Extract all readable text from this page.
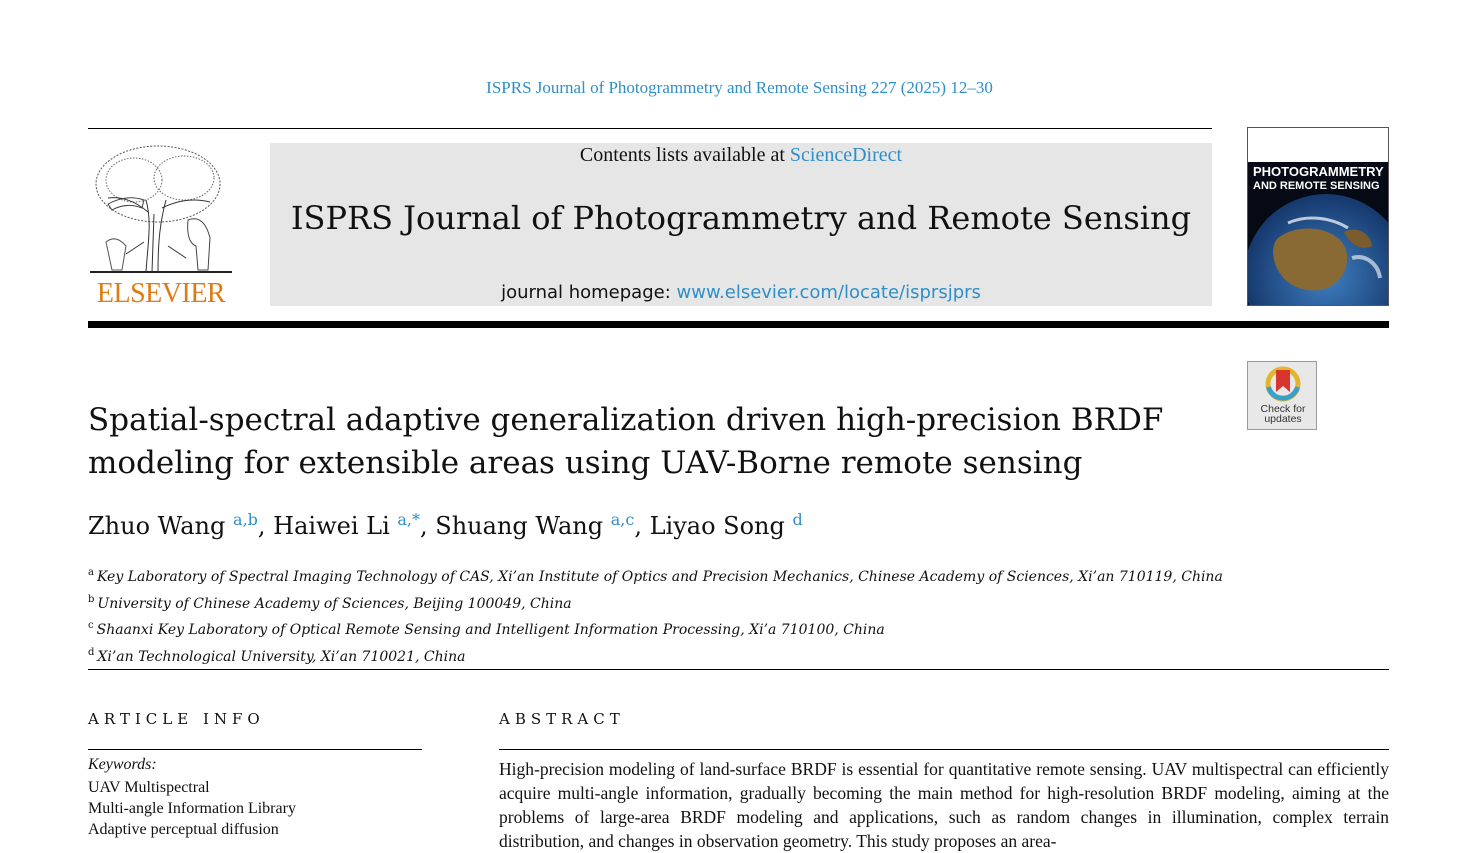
ISPRS Journal of Photogrammetry and Remote Sensing 227 (2025) 12–30
ELSEVIER
Contents lists available at ScienceDirect
ISPRS Journal of Photogrammetry and Remote Sensing
journal homepage: www.elsevier.com/locate/isprsjprs
PHOTOGRAMMETRY
AND REMOTE SENSING
Check for
updates
Spatial-spectral adaptive generalization driven high-precision BRDF
modeling for extensible areas using UAV-Borne remote sensing
Zhuo Wang $^{a,b}$, Haiwei Li $^{a,*}$, Shuang Wang $^{a,c}$, Liyao Song $^d$
$^a$ Key Laboratory of Spectral Imaging Technology of CAS, Xi’an Institute of Optics and Precision Mechanics, Chinese Academy of Sciences, Xi’an 710119, China
$^b$ University of Chinese Academy of Sciences, Beijing 100049, China
$^c$ Shaanxi Key Laboratory of Optical Remote Sensing and Intelligent Information Processing, Xi’a 710100, China
$^d$ Xi’an Technological University, Xi’an 710021, China
ARTICLE INFO	ABSTRACT
Keywords:
UAV Multispectral
Multi-angle Information Library
Adaptive perceptual diffusion

High-precision modeling of land-surface BRDF is essential for quantitative remote sensing. UAV multispectral can efficiently acquire multi-angle information, gradually becoming the main method for high-resolution BRDF modeling, aiming at the problems of large-area BRDF modeling and applications, such as random changes in illumination, complex terrain distribution, and changes in observation geometry. This study proposes an area-
